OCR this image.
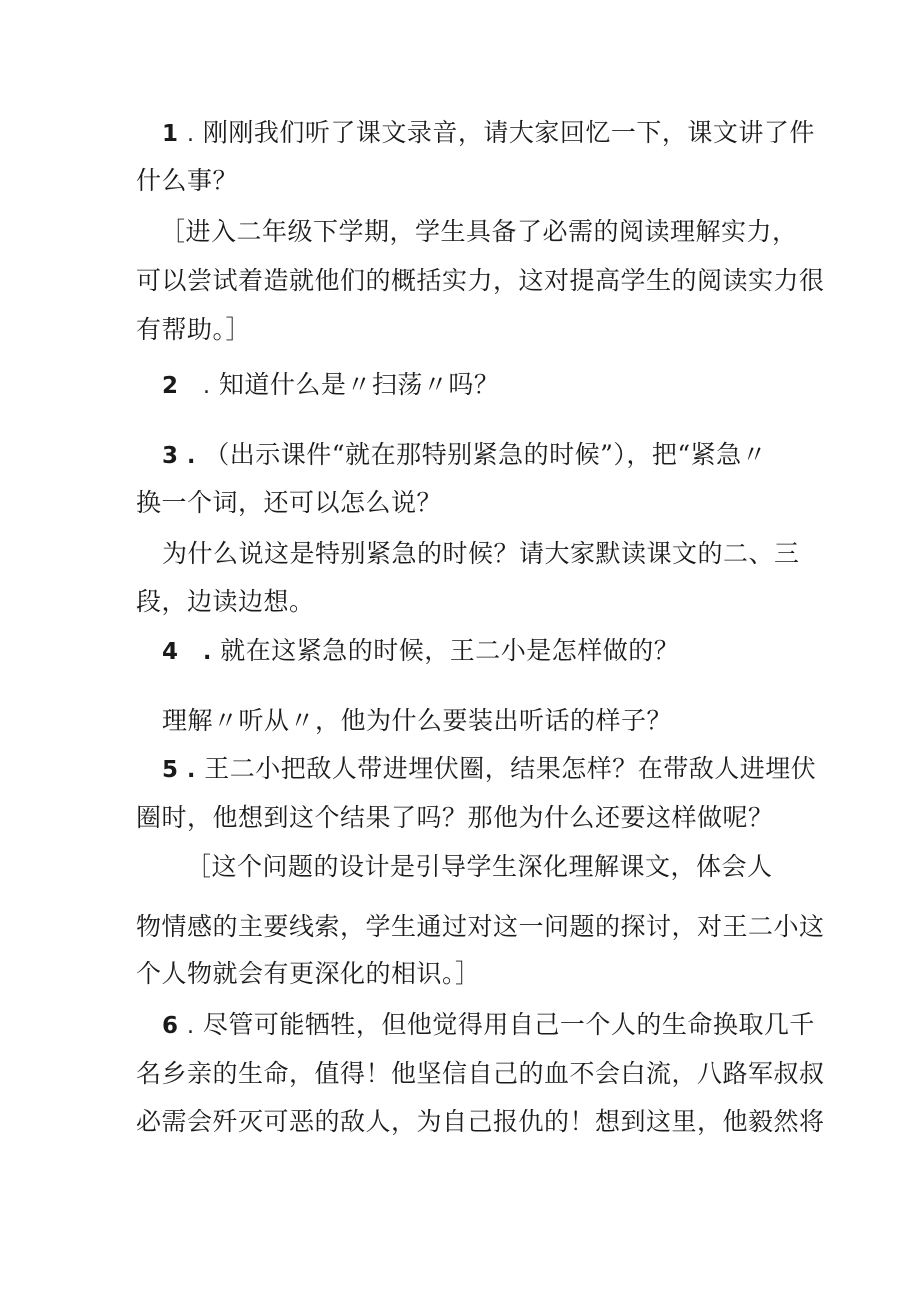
1 . 刚刚我们听了课文录音，请大家回忆一下，课文讲了件
什么事？
［进入二年级下学期，学生具备了必需的阅读理解实力，
可以尝试着造就他们的概括实力，这对提高学生的阅读实力很
有帮助。］
2 . 知道什么是〃扫荡〃吗？
3 . （出示课件“就在那特别紧急的时候”），把“紧急〃
换一个词，还可以怎么说？
为什么说这是特别紧急的时候？请大家默读课文的二、三
段，边读边想。
4 . 就在这紧急的时候，王二小是怎样做的？
理解〃听从〃，他为什么要装出听话的样子？
5 . 王二小把敌人带进埋伏圈，结果怎样？在带敌人进埋伏
圈时，他想到这个结果了吗？那他为什么还要这样做呢？
［这个问题的设计是引导学生深化理解课文，体会人
物情感的主要线索，学生通过对这一问题的探讨，对王二小这
个人物就会有更深化的相识。］
6 . 尽管可能牺牲，但他觉得用自己一个人的生命换取几千
名乡亲的生命，值得！他坚信自己的血不会白流，八路军叔叔
必需会歼灭可恶的敌人，为自己报仇的！想到这里，他毅然将
